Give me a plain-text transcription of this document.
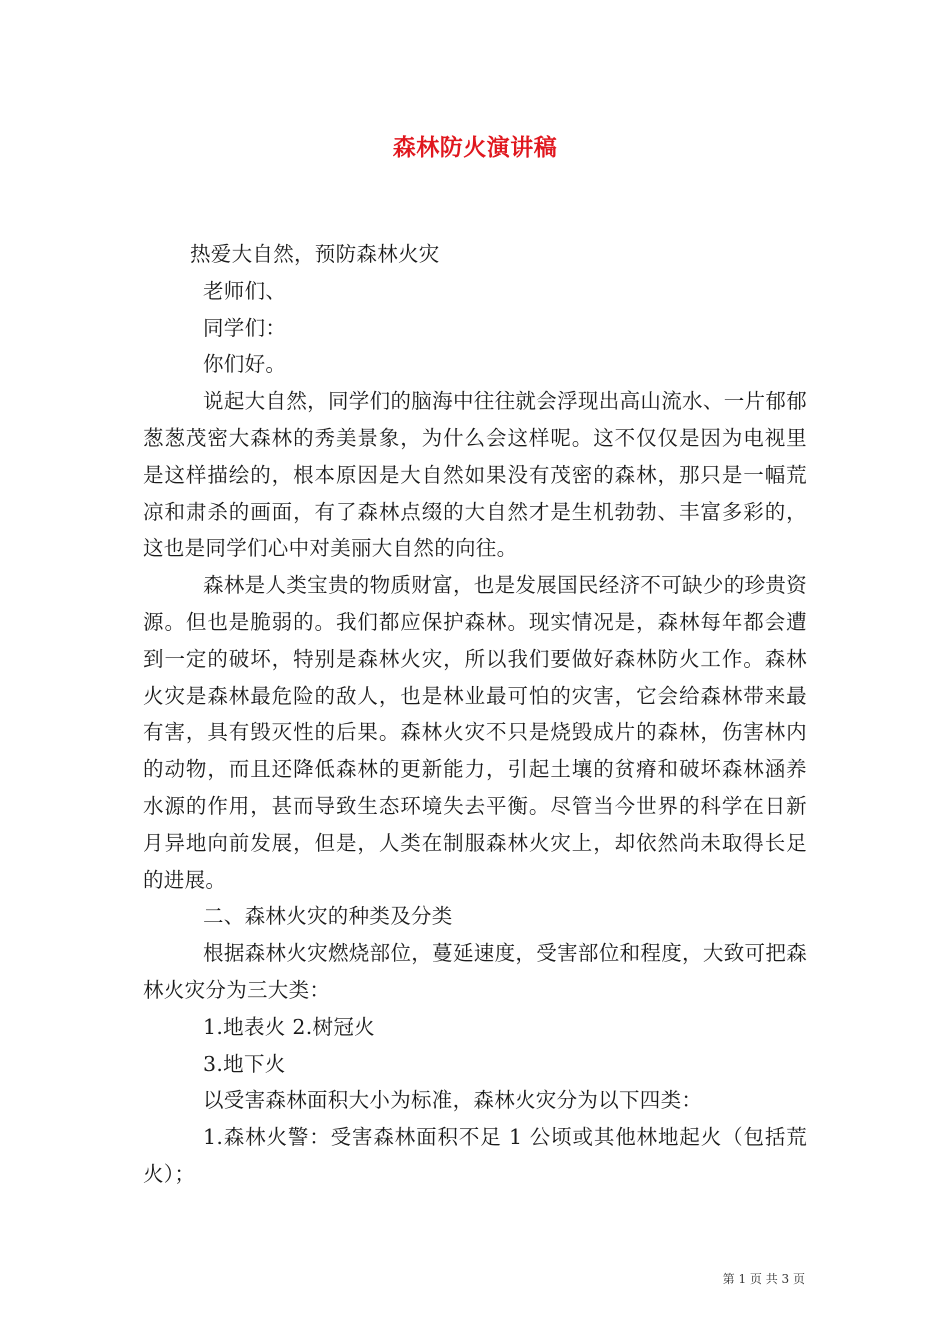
森林防火演讲稿

热爱大自然，预防森林火灾

老师们、

同学们：

你们好。

说起大自然，同学们的脑海中往往就会浮现出高山流水、一片郁郁葱葱茂密大森林的秀美景象，为什么会这样呢。这不仅仅是因为电视里是这样描绘的，根本原因是大自然如果没有茂密的森林，那只是一幅荒凉和肃杀的画面，有了森林点缀的大自然才是生机勃勃、丰富多彩的，这也是同学们心中对美丽大自然的向往。

森林是人类宝贵的物质财富，也是发展国民经济不可缺少的珍贵资源。但也是脆弱的。我们都应保护森林。现实情况是，森林每年都会遭到一定的破坏，特别是森林火灾，所以我们要做好森林防火工作。森林火灾是森林最危险的敌人，也是林业最可怕的灾害，它会给森林带来最有害，具有毁灭性的后果。森林火灾不只是烧毁成片的森林，伤害林内的动物，而且还降低森林的更新能力，引起土壤的贫瘠和破坏森林涵养水源的作用，甚而导致生态环境失去平衡。尽管当今世界的科学在日新月异地向前发展，但是，人类在制服森林火灾上，却依然尚未取得长足的进展。

二、森林火灾的种类及分类

根据森林火灾燃烧部位，蔓延速度，受害部位和程度，大致可把森林火灾分为三大类：

1.地表火 2.树冠火

3.地下火

以受害森林面积大小为标准，森林火灾分为以下四类：

1.森林火警：受害森林面积不足 1 公顷或其他林地起火（包括荒火）；

第 1 页 共 3 页
